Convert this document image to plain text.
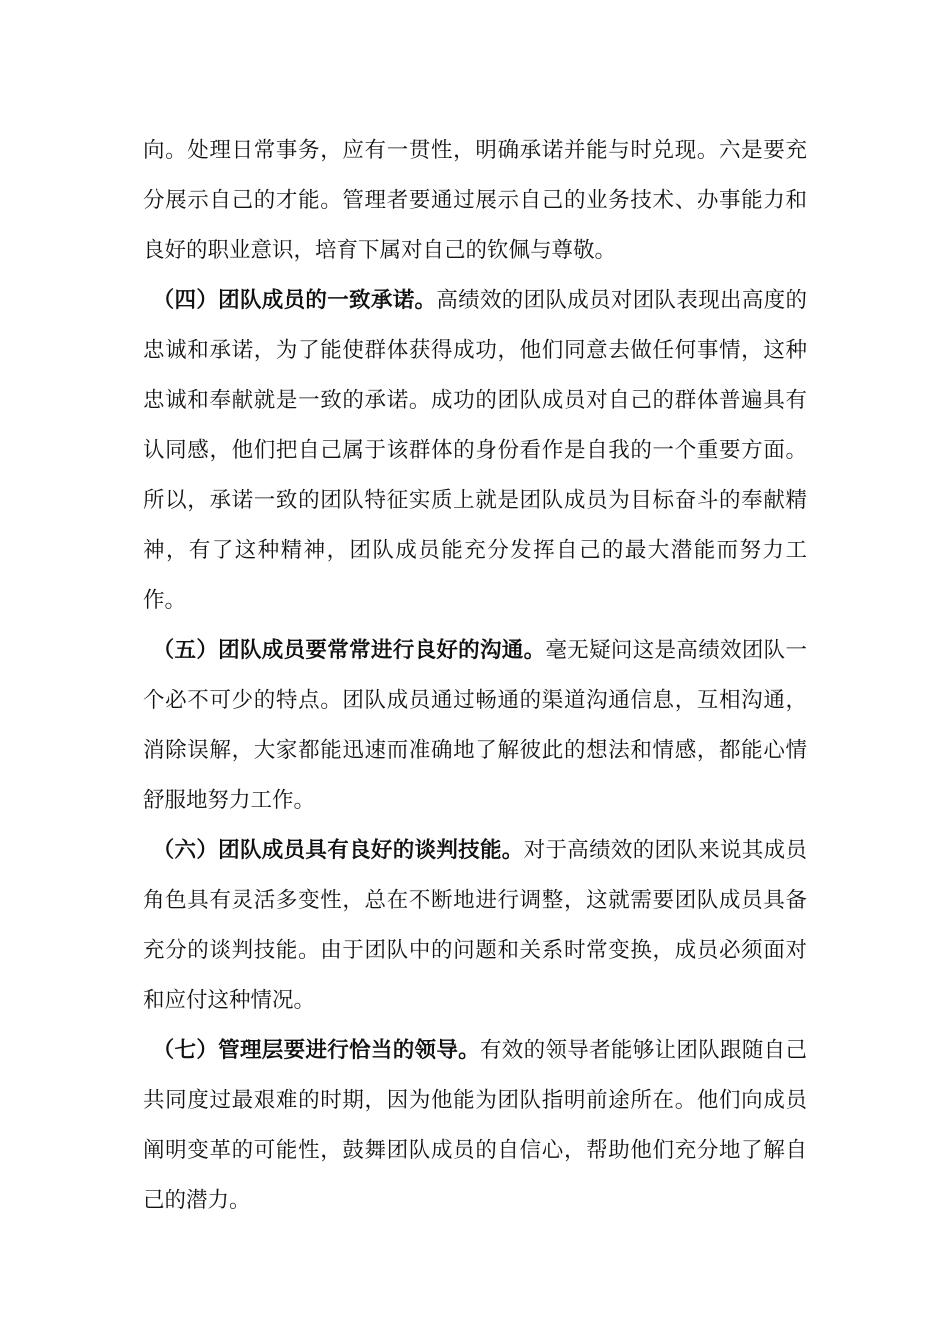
向。处理日常事务，应有一贯性，明确承诺并能与时兑现。六是要充分展示自己的才能。管理者要通过展示自己的业务技术、办事能力和良好的职业意识，培育下属对自己的钦佩与尊敬。

（四）团队成员的一致承诺。高绩效的团队成员对团队表现出高度的忠诚和承诺，为了能使群体获得成功，他们同意去做任何事情，这种忠诚和奉献就是一致的承诺。成功的团队成员对自己的群体普遍具有认同感，他们把自己属于该群体的身份看作是自我的一个重要方面。所以，承诺一致的团队特征实质上就是团队成员为目标奋斗的奉献精神，有了这种精神，团队成员能充分发挥自己的最大潜能而努力工作。

（五）团队成员要常常进行良好的沟通。毫无疑问这是高绩效团队一个必不可少的特点。团队成员通过畅通的渠道沟通信息，互相沟通，消除误解，大家都能迅速而准确地了解彼此的想法和情感，都能心情舒服地努力工作。

（六）团队成员具有良好的谈判技能。对于高绩效的团队来说其成员角色具有灵活多变性，总在不断地进行调整，这就需要团队成员具备充分的谈判技能。由于团队中的问题和关系时常变换，成员必须面对和应付这种情况。

（七）管理层要进行恰当的领导。有效的领导者能够让团队跟随自己共同度过最艰难的时期，因为他能为团队指明前途所在。他们向成员阐明变革的可能性，鼓舞团队成员的自信心，帮助他们充分地了解自己的潜力。
